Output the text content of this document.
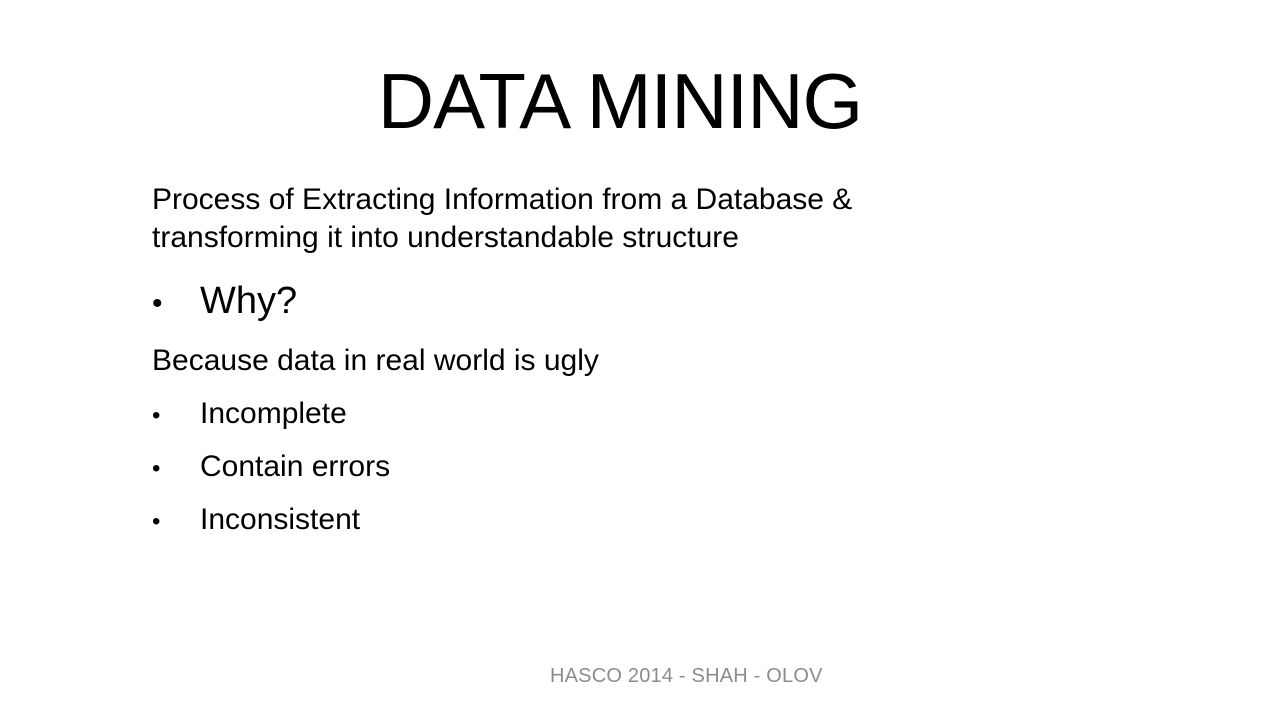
DATA MINING

Process of Extracting Information from a Database & transforming it into understandable structure

• Why?

Because data in real world is ugly

•	Incomplete
•	Contain errors
•	Inconsistent
HASCO 2014 - SHAH - OLOV
